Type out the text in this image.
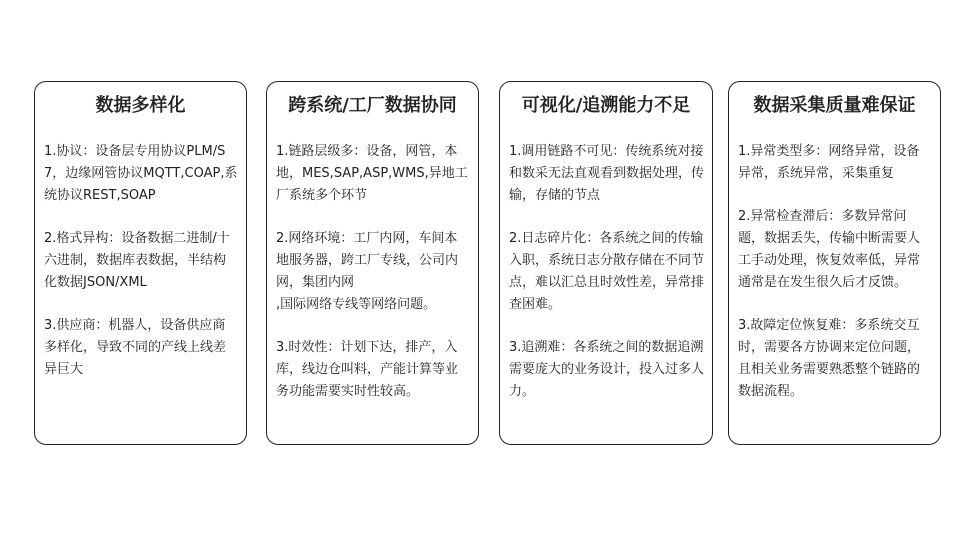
数据多样化

1.协议：设备层专用协议PLM/S7，边缘网管协议MQTT,COAP,系统协议REST,SOAP

2.格式异构：设备数据二进制/十六进制，数据库表数据，半结构化数据JSON/XML

3.供应商：机器人，设备供应商多样化，导致不同的产线上线差异巨大

跨系统/工厂数据协同

1.链路层级多：设备，网管，本地，MES,SAP,ASP,WMS,异地工厂系统多个环节

2.网络环境：工厂内网，车间本地服务器，跨工厂专线，公司内网，集团内网
,国际网络专线等网络问题。

3.时效性：计划下达，排产，入库，线边仓叫料，产能计算等业务功能需要实时性较高。

可视化/追溯能力不足

1.调用链路不可见：传统系统对接和数采无法直观看到数据处理，传输，存储的节点

2.日志碎片化：各系统之间的传输入职，系统日志分散存储在不同节点，难以汇总且时效性差，异常排查困难。

3.追溯难：各系统之间的数据追溯需要庞大的业务设计，投入过多人力。

数据采集质量难保证

1.异常类型多：网络异常，设备异常，系统异常，采集重复

2.异常检查滞后：多数异常问题，数据丢失，传输中断需要人工手动处理，恢复效率低，异常通常是在发生很久后才反馈。

3.故障定位恢复难：多系统交互时，需要各方协调来定位问题，且相关业务需要熟悉整个链路的数据流程。
